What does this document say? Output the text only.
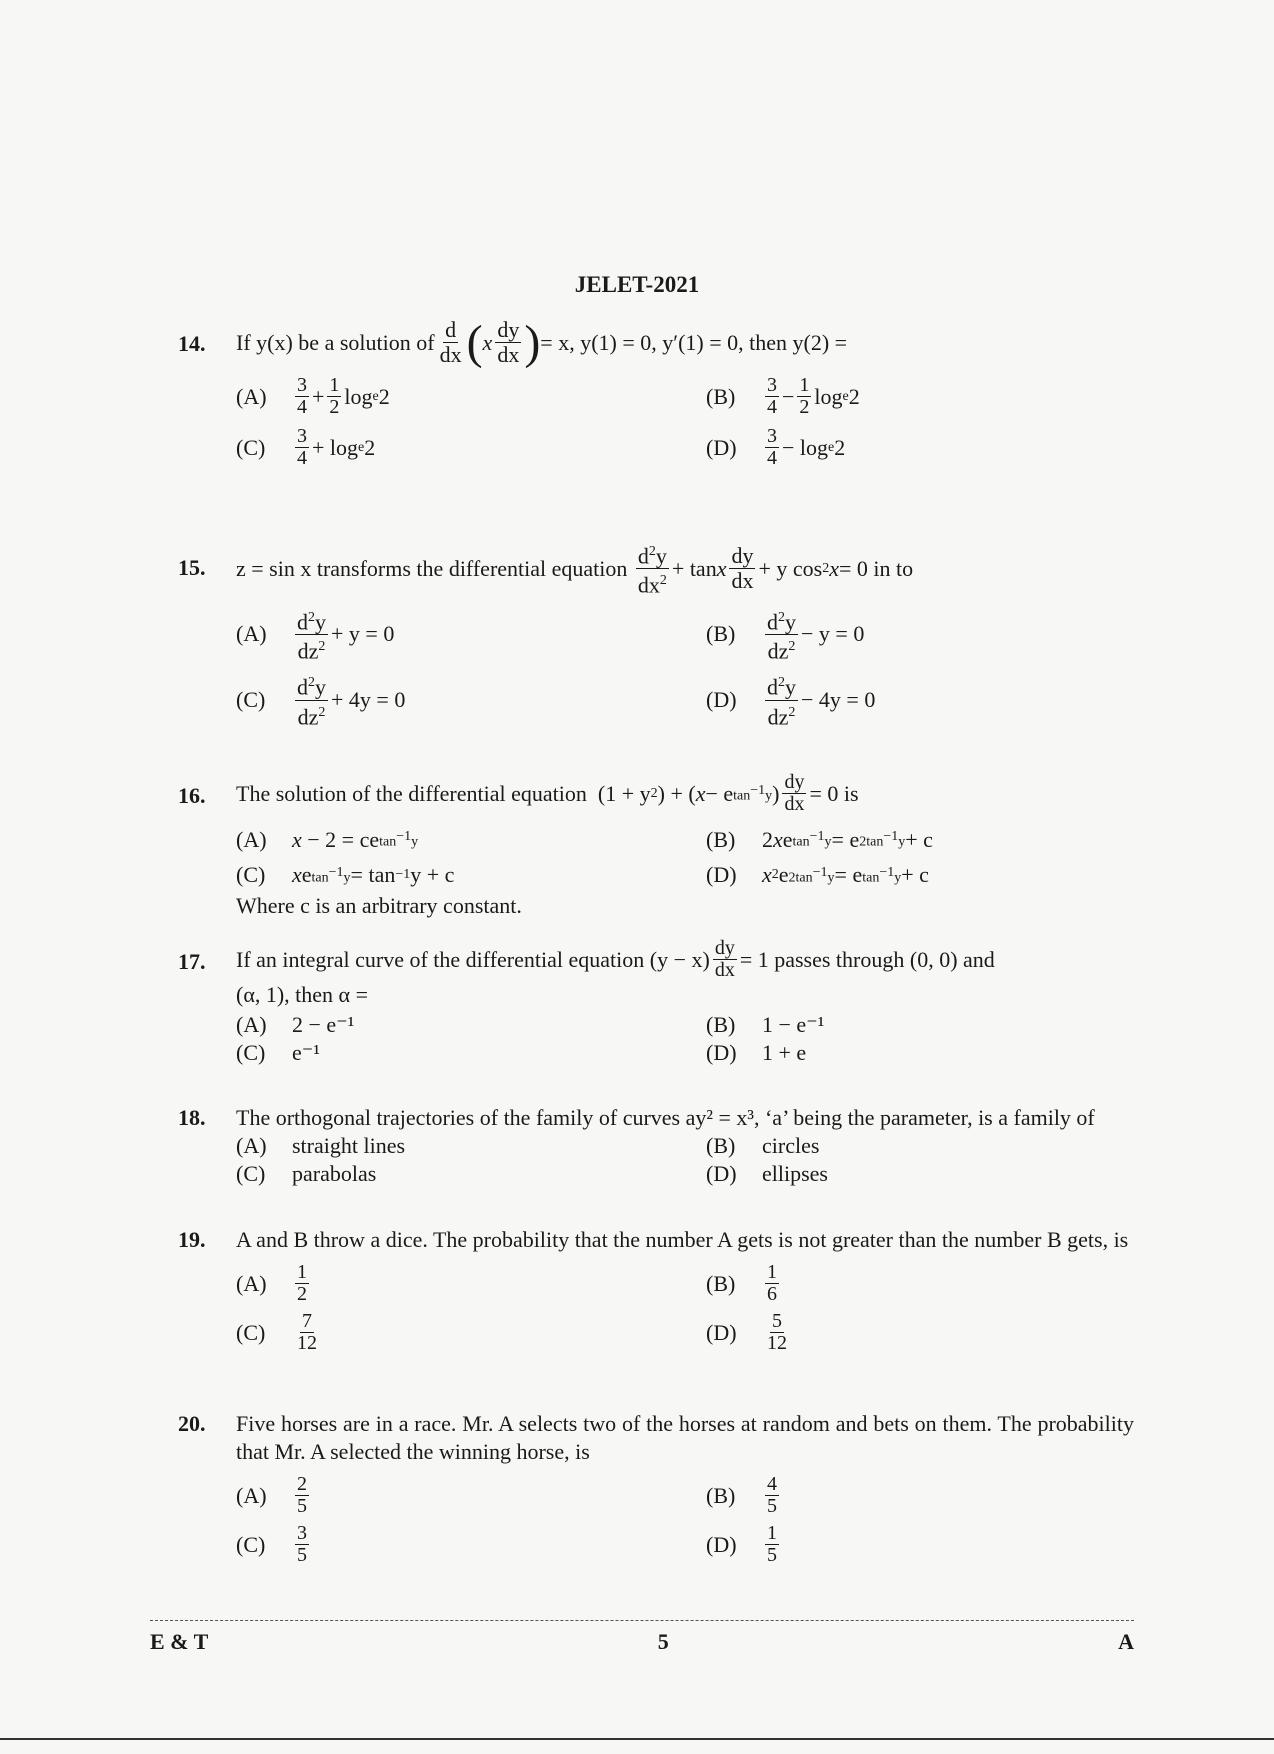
JELET-2021
14.	If y(x) be a solution of $\frac{d}{dx}$ ( x $\frac{dy}{dx}$ ) = x, y(1) = 0, y′(1) = 0, then y(2) =
(A)	$\frac{3}{4} + \frac{1}{2}$ log e 2	(B)	$\frac{3}{4} - \frac{1}{2}$ log e 2
(C)	$\frac{3}{4} + \log e$ 2	(D)	$\frac{3}{4} - \log e$ 2
15.	z = sin x transforms the differential equation
$\frac{d^2y}{dx^2} + \tan x \frac{dy}{dx} + y$ cos 2 x = 0 in to
(A)	$\frac{d^2y}{dz^2} + y = 0$	(B)	$\frac{d^2y}{dz^2} - y = 0$
(C)	$\frac{d^2y}{dz^2} + 4y = 0$	(D)	$\frac{d^2y}{dz^2} - 4y = 0$
16.	The solution of the differential equation (1 + y 2 ) + ( x − e $\tan^{-1}y$ ) $\frac{dy}{dx} = 0$ is
(A)	x − 2 = ce $\tan^{-1}y$	(B)	2 x e $\tan^{-1}y = e$ $2\tan^{-1}y + c$
(C)	x e $\tan^{-1}y = \tan -1$ y + c	(D)	x 2 e $2\tan^{-1}y = e$ $\tan^{-1}y + c$
Where c is an arbitrary constant.
17.	If an integral curve of the differential equation $(y - x) \frac{dy}{dx} = 1$ passes through (0, 0) and
(α, 1), then α =
(A)	2 − e⁻¹	(B)	1 − e⁻¹
(C)	e⁻¹	(D)	1 + e
18.	The orthogonal trajectories of the family of curves ay² = x³, ‘a’ being the parameter, is a family of
(A)	straight lines	(B)	circles
(C)	parabolas	(D)	ellipses
19.	A and B throw a dice. The probability that the number A gets is not greater than the number B gets, is
(A)	$\frac{1}{2}$	(B)	$\frac{1}{6}$
(C)	$\frac{7}{12}$	(D)	$\frac{5}{12}$
20.	Five horses are in a race. Mr. A selects two of the horses at random and bets on them. The probability that Mr. A selected the winning horse, is
(A)	$\frac{2}{5}$	(B)	$\frac{4}{5}$
(C)	$\frac{3}{5}$	(D)	$\frac{1}{5}$
E & T	5	A
